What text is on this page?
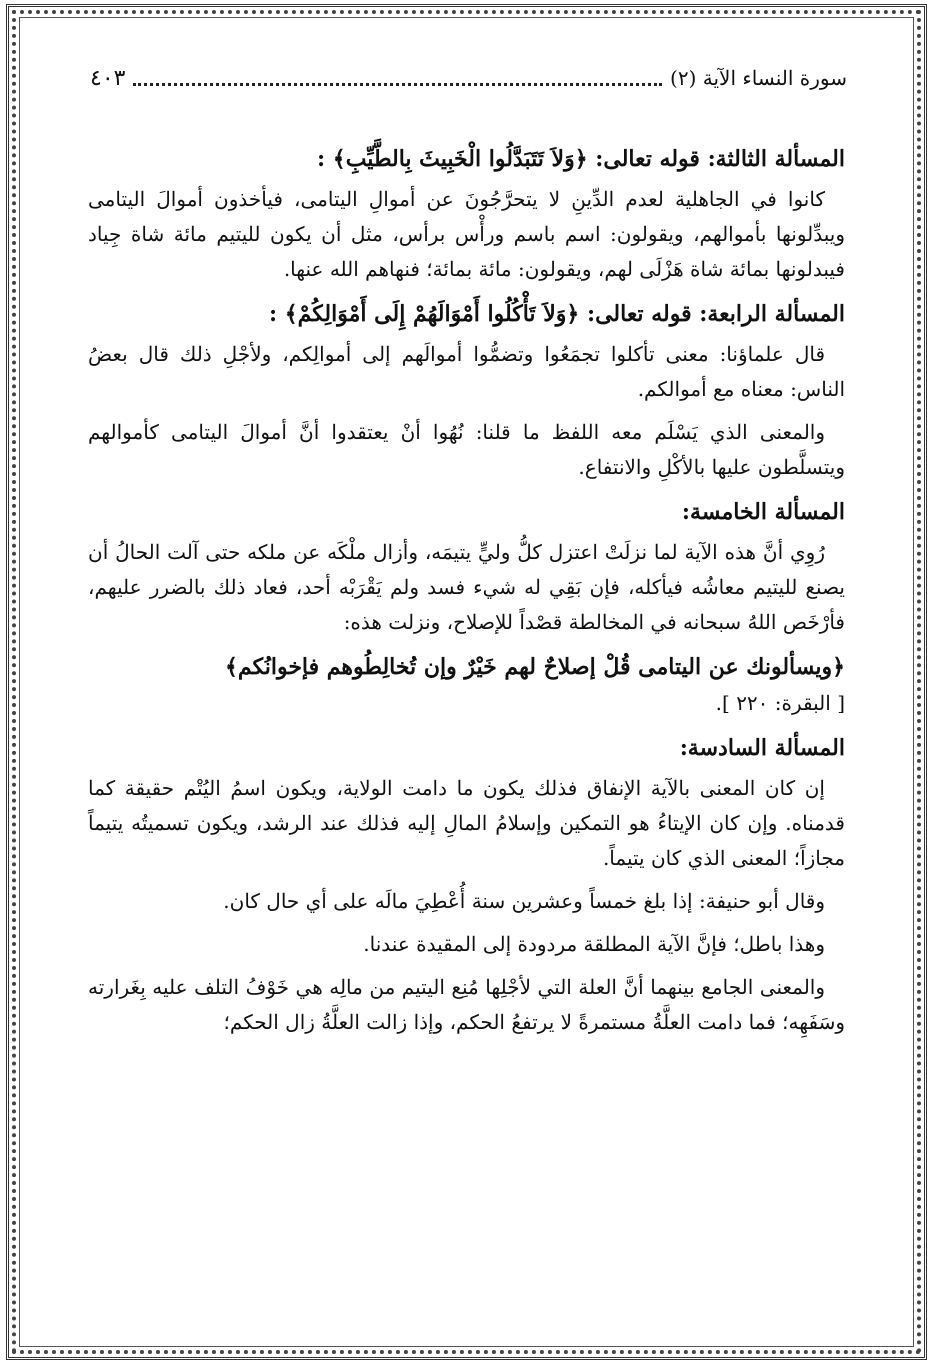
سورة النساء الآية (٢)
٤٠٣
المسألة الثالثة: قوله تعالى: ﴿وَلاَ تَتَبَدَّلُوا الْخَبِيثَ بِالطَّيِّبِ﴾ :

كانوا في الجاهلية لعدم الدِّينِ لا يتحرَّجُونَ عن أموالِ اليتامى، فيأخذون أموالَ اليتامى ويبدِّلونها بأموالهم، ويقولون: اسم باسم ورأْس برأس، مثل أن يكون لليتيم مائة شاة جِياد فيبدلونها بمائة شاة هَزْلَى لهم، ويقولون: مائة بمائة؛ فنهاهم الله عنها.

المسألة الرابعة: قوله تعالى: ﴿وَلاَ تَأْكُلُوا أَمْوَالَهُمْ إِلَى أَمْوَالِكُمْ﴾ :

قال علماؤنا: معنى تأكلوا تجمَعُوا وتضمُّوا أموالَهم إلى أموالِكم، ولأجْلِ ذلك قال بعضُ الناس: معناه مع أموالكم.

والمعنى الذي يَسْلَم معه اللفظ ما قلنا: نُهُوا أنْ يعتقدوا أنَّ أموالَ اليتامى كأموالهم ويتسلَّطون عليها بالأكْلِ والانتفاع.

المسألة الخامسة:

رُوِي أنَّ هذه الآية لما نزلَتْ اعتزل كلُّ وليٍّ يتيمَه، وأزال ملْكَه عن ملكه حتى آلت الحالُ أن يصنع لليتيم معاشُه فيأكله، فإن بَقِي له شيء فسد ولم يَقْرَبْه أحد، فعاد ذلك بالضرر عليهم، فأرْخَص اللهُ سبحانه في المخالطة قصْداً للإصلاح، ونزلت هذه:

﴿ويسألونك عن اليتامى قُلْ إصلاحٌ لهم خَيْرٌ وإن تُخالِطُوهم فإخوانُكم﴾
[ البقرة: ٢٢٠ ].
المسألة السادسة:

إن كان المعنى بالآية الإنفاق فذلك يكون ما دامت الولاية، ويكون اسمُ اليُتْم حقيقة كما قدمناه. وإن كان الإيتاءُ هو التمكين وإسلامُ المالِ إليه فذلك عند الرشد، ويكون تسميتُه يتيماً مجازاً؛ المعنى الذي كان يتيماً.

وقال أبو حنيفة: إذا بلغ خمساً وعشرين سنة أُعْطِيَ مالَه على أي حال كان.

وهذا باطل؛ فإنَّ الآية المطلقة مردودة إلى المقيدة عندنا.

والمعنى الجامع بينهما أنَّ العلة التي لأجْلِها مُنِع اليتيم من مالِه هي خَوْفُ التلف عليه بِغَرارته وسَفَهِه؛ فما دامت العلَّةُ مستمرةً لا يرتفعُ الحكم، وإذا زالت العلَّةُ زال الحكم؛
